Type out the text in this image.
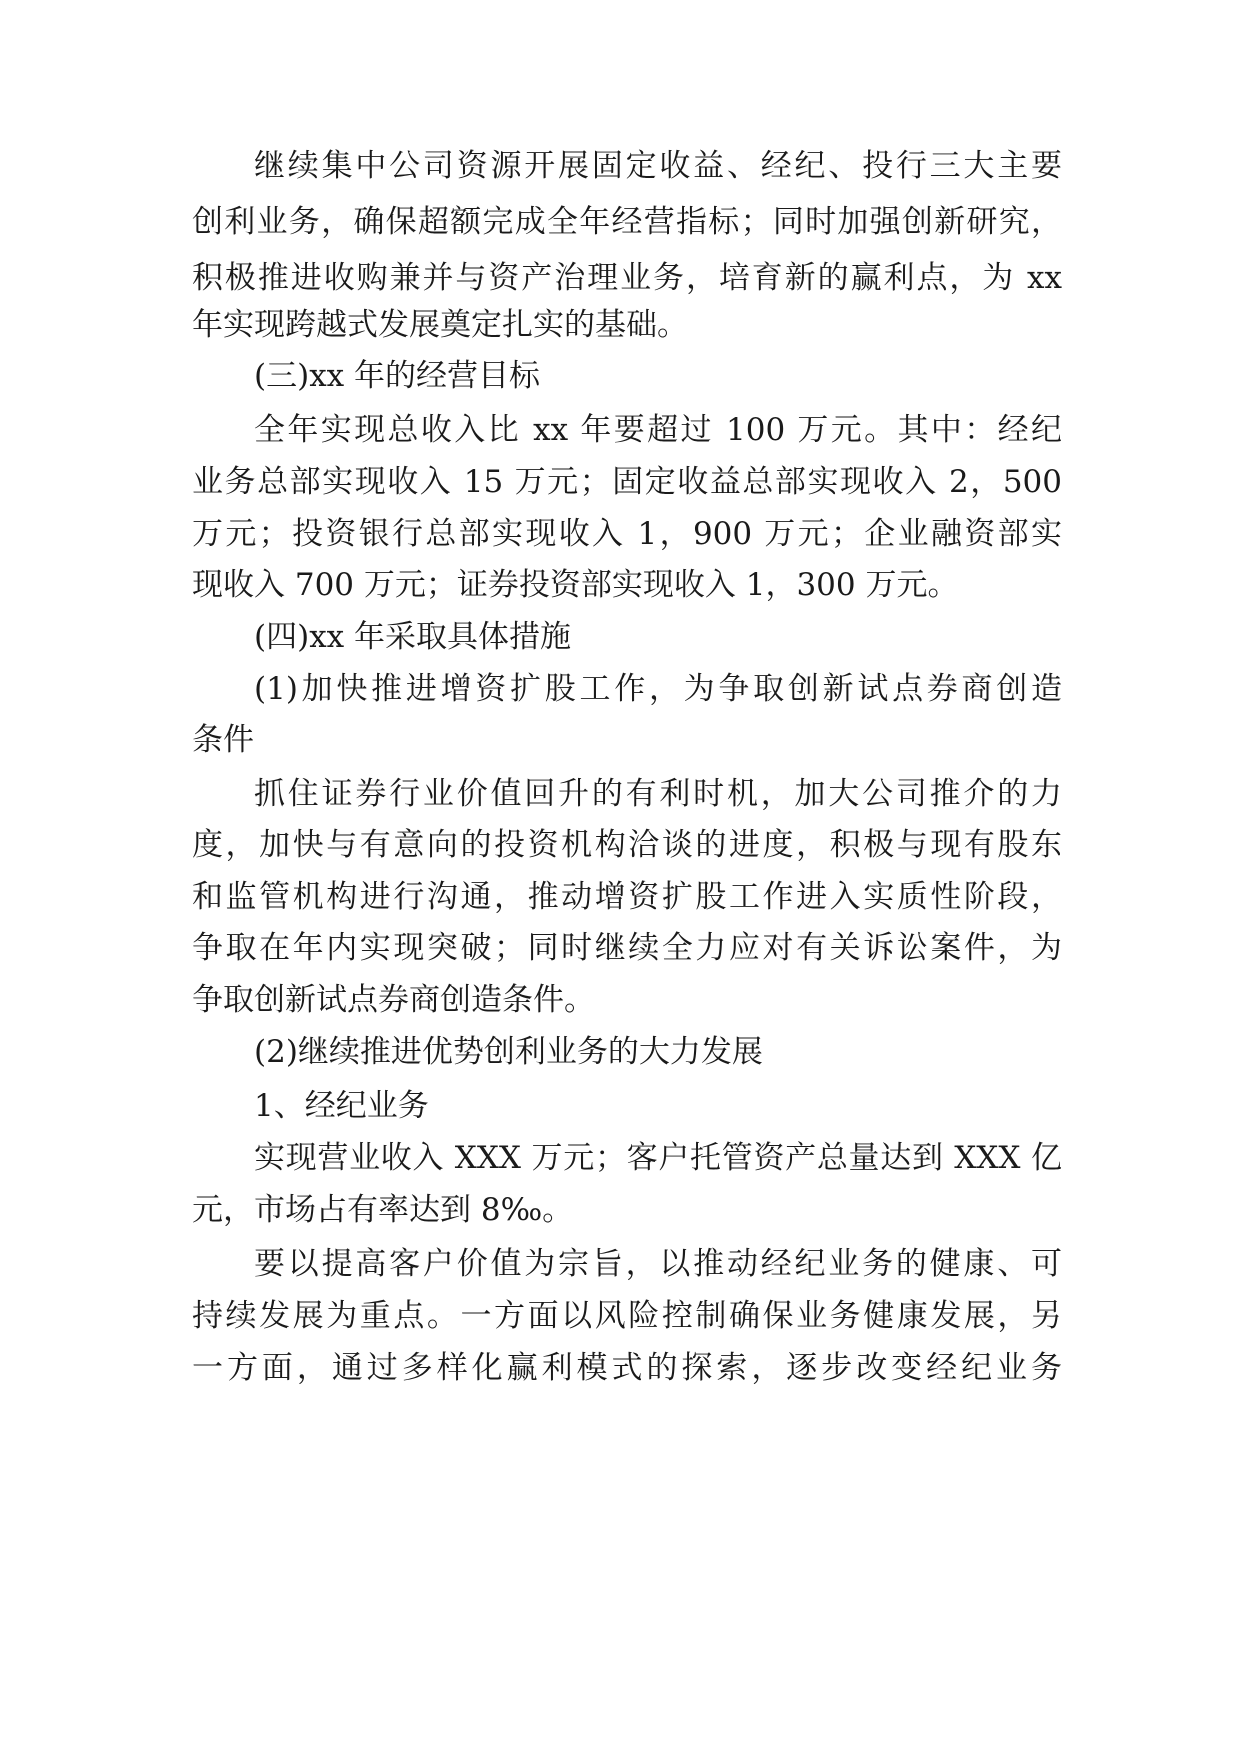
继续集中公司资源开展固定收益、经纪、投行三大主要
创利业务，确保超额完成全年经营指标；同时加强创新研究，
积极推进收购兼并与资产治理业务，培育新的赢利点，为 xx
年实现跨越式发展奠定扎实的基础。
(三)xx 年的经营目标
全年实现总收入比 xx 年要超过 100 万元。其中：经纪
业务总部实现收入 15 万元；固定收益总部实现收入 2，500
万元；投资银行总部实现收入 1，900 万元；企业融资部实
现收入 700 万元；证券投资部实现收入 1，300 万元。
(四)xx 年采取具体措施
(1)加快推进增资扩股工作，为争取创新试点券商创造
条件
抓住证券行业价值回升的有利时机，加大公司推介的力
度，加快与有意向的投资机构洽谈的进度，积极与现有股东
和监管机构进行沟通，推动增资扩股工作进入实质性阶段，
争取在年内实现突破；同时继续全力应对有关诉讼案件，为
争取创新试点券商创造条件。
(2)继续推进优势创利业务的大力发展
1、经纪业务
实现营业收入 XXX 万元；客户托管资产总量达到 XXX 亿
元，市场占有率达到 8‰。
要以提高客户价值为宗旨，以推动经纪业务的健康、可
持续发展为重点。一方面以风险控制确保业务健康发展，另
一方面，通过多样化赢利模式的探索，逐步改变经纪业务
